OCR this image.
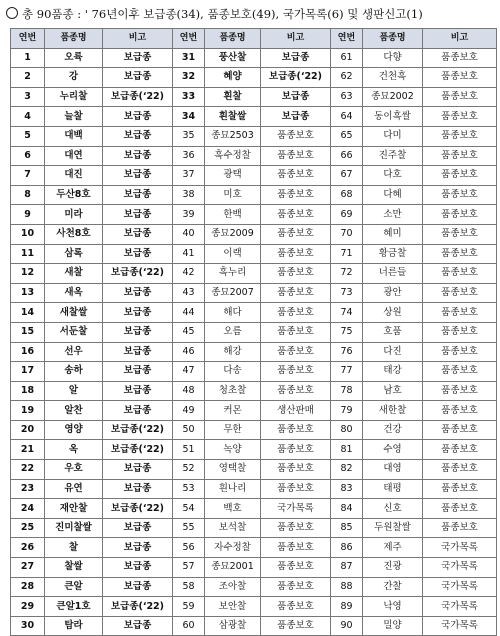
총 90품종 : ' 76년이후 보급종(34), 품종보호(49), 국가목록(6) 및 생판신고(1)
연번	품종명	비고	연번	품종명	비고	연번	품종명	비고
1	오륙	보급종	31	풍산찰	보급종	61	다향	품종보호
2	강	보급종	32	혜양	보급종(‘22)	62	건천흑	품종보호
3	누리찰	보급종(‘22)	33	흰찰	보급종	63	종묘2002	품종보호
4	늘찰	보급종	34	흰찰쌀	보급종	64	동이흑쌀	품종보호
5	대백	보급종	35	종묘2503	품종보호	65	다미	품종보호
6	대연	보급종	36	흑수정찰	품종보호	66	진주찰	품종보호
7	대진	보급종	37	광택	품종보호	67	다호	품종보호
8	두산8호	보급종	38	미호	품종보호	68	다혜	품종보호
9	미라	보급종	39	한백	품종보호	69	소만	품종보호
10	사천8호	보급종	40	종묘2009	품종보호	70	혜미	품종보호
11	삼록	보급종	41	이랙	품종보호	71	황금찰	품종보호
12	새찰	보급종(‘22)	42	흑누리	품종보호	72	너른들	품종보호
13	새옥	보급종	43	종묘2007	품종보호	73	광안	품종보호
14	새찰쌀	보급종	44	해다	품종보호	74	상원	품종보호
15	서둔찰	보급종	45	오름	품종보호	75	호품	품종보호
16	선우	보급종	46	해강	품종보호	76	다진	품종보호
17	송하	보급종	47	다송	품종보호	77	태강	품종보호
18	알	보급종	48	청초찰	품종보호	78	남호	품종보호
19	알찬	보급종	49	커몬	생산판매	79	새한찰	품종보호
20	영양	보급종(‘22)	50	무한	품종보호	80	건강	품종보호
21	옥	보급종(‘22)	51	녹양	품종보호	81	수영	품종보호
22	우호	보급종	52	영택찰	품종보호	82	대영	품종보호
23	유연	보급종	53	흰나리	품종보호	83	태평	품종보호
24	재안찰	보급종(‘22)	54	백호	국가목록	84	신호	품종보호
25	진미찰쌀	보급종	55	보석찰	품종보호	85	두원찰쌀	품종보호
26	찰	보급종	56	자수정찰	품종보호	86	제주	국가목록
27	찰쌀	보급종	57	종묘2001	품종보호	87	진광	국가목록
28	큰알	보급종	58	조아찰	품종보호	88	간찰	국가목록
29	큰알1호	보급종(‘22)	59	보안찰	품종보호	89	낙영	국가목록
30	탐라	보급종	60	삼광찰	품종보호	90	밀양	국가목록
